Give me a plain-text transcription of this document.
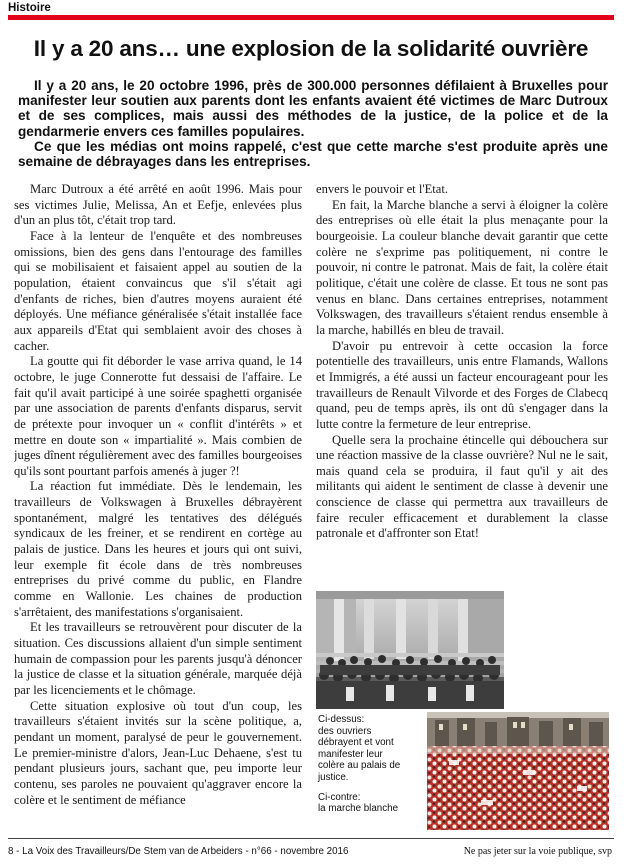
Histoire
Il y a 20 ans… une explosion de la solidarité ouvrière

Il y a 20 ans, le 20 octobre 1996, près de 300.000 personnes défilaient à Bruxelles pour manifester leur soutien aux parents dont les enfants avaient été victimes de Marc Dutroux et de ses complices, mais aussi des méthodes de la justice, de la police et de la gendarmerie envers ces familles populaires.

Ce que les médias ont moins rappelé, c'est que cette marche s'est produite après une semaine de débrayages dans les entreprises.

Marc Dutroux a été arrêté en août 1996. Mais pour ses victimes Julie, Melissa, An et Eefje, enlevées plus d'un an plus tôt, c'était trop tard.

Face à la lenteur de l'enquête et des nombreuses omissions, bien des gens dans l'entourage des familles qui se mobilisaient et faisaient appel au soutien de la population, étaient convaincus que s'il s'était agi d'enfants de riches, bien d'autres moyens auraient été déployés. Une méfiance généralisée s'était installée face aux appareils d'Etat qui semblaient avoir des choses à cacher.

La goutte qui fit déborder le vase arriva quand, le 14 octobre, le juge Connerotte fut dessaisi de l'affaire. Le fait qu'il avait participé à une soirée spaghetti organisée par une association de parents d'enfants disparus, servit de prétexte pour invoquer un « conflit d'intérêts » et mettre en doute son « impartialité ». Mais combien de juges dînent régulièrement avec des familles bourgeoises qu'ils sont pourtant parfois amenés à juger ?!

La réaction fut immédiate. Dès le lendemain, les travailleurs de Volkswagen à Bruxelles débrayèrent spontanément, malgré les tentatives des délégués syndicaux de les freiner, et se rendirent en cortège au palais de justice. Dans les heures et jours qui ont suivi, leur exemple fit école dans de très nombreuses entreprises du privé comme du public, en Flandre comme en Wallonie. Les chaines de production s'arrêtaient, des manifestations s'organisaient.

Et les travailleurs se retrouvèrent pour discuter de la situation. Ces discussions allaient d'un simple sentiment humain de compassion pour les parents jusqu'à dénoncer la justice de classe et la situation générale, marquée déjà par les licenciements et le chômage.

Cette situation explosive où tout d'un coup, les travailleurs s'étaient invités sur la scène politique, a, pendant un moment, paralysé de peur le gouvernement. Le premier-ministre d'alors, Jean-Luc Dehaene, s'est tu pendant plusieurs jours, sachant que, peu importe leur contenu, ses paroles ne pouvaient qu'aggraver encore la colère et le sentiment de méfiance

envers le pouvoir et l'Etat.

En fait, la Marche blanche a servi à éloigner la colère des entreprises où elle était la plus menaçante pour la bourgeoisie. La couleur blanche devait garantir que cette colère ne s'exprime pas politiquement, ni contre le pouvoir, ni contre le patronat. Mais de fait, la colère était politique, c'était une colère de classe. Et tous ne sont pas venus en blanc. Dans certaines entreprises, notamment Volkswagen, des travailleurs s'étaient rendus ensemble à la marche, habillés en bleu de travail.

D'avoir pu entrevoir à cette occasion la force potentielle des travailleurs, unis entre Flamands, Wallons et Immigrés, a été aussi un facteur encourageant pour les travailleurs de Renault Vilvorde et des Forges de Clabecq quand, peu de temps après, ils ont dû s'engager dans la lutte contre la fermeture de leur entreprise.

Quelle sera la prochaine étincelle qui débouchera sur une réaction massive de la classe ouvrière? Nul ne le sait, mais quand cela se produira, il faut qu'il y ait des militants qui aident le sentiment de classe à devenir une conscience de classe qui permettra aux travailleurs de faire reculer efficacement et durablement la classe patronale et d'affronter son Etat!

Ci-dessus:
des ouvriers
débrayent et vont
manifester leur
colère au palais de
justice.
Ci-contre:
la marche blanche
8 - La Voix des Travailleurs/De Stem van de Arbeiders - n°66 - novembre 2016	Ne pas jeter sur la voie publique, svp
